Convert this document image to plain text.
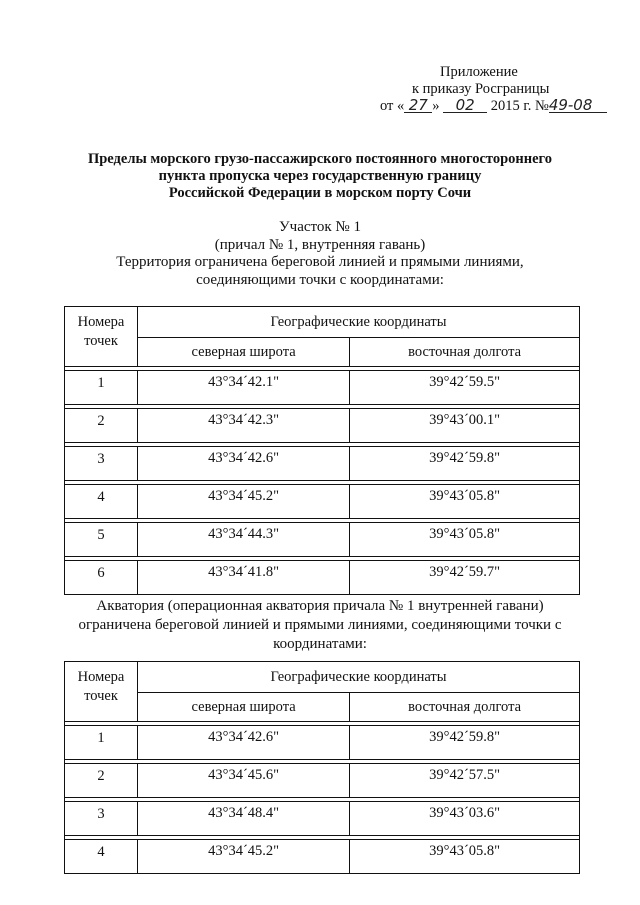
Приложение
к приказу Росграницы
от « 27 » 02 2015 г. №49-08
Пределы морского грузо-пассажирского постоянного многостороннего
пункта пропуска через государственную границу
Российской Федерации в морском порту Сочи
Участок № 1
(причал № 1, внутренняя гавань)
Территория ограничена береговой линией и прямыми линиями,
соединяющими точки с координатами:
Номера точек	Географические координаты	
	северная широта	восточная долгота

1	43°34´42.1"	39°42´59.5"

2	43°34´42.3"	39°43´00.1"

3	43°34´42.6"	39°42´59.8"

4	43°34´45.2"	39°43´05.8"

5	43°34´44.3"	39°43´05.8"

6	43°34´41.8"	39°42´59.7"
Акватория (операционная акватория причала № 1 внутренней гавани)
ограничена береговой линией и прямыми линиями, соединяющими точки с
координатами:
Номера точек	Географические координаты	
	северная широта	восточная долгота

1	43°34´42.6"	39°42´59.8"

2	43°34´45.6"	39°42´57.5"

3	43°34´48.4"	39°43´03.6"

4	43°34´45.2"	39°43´05.8"
